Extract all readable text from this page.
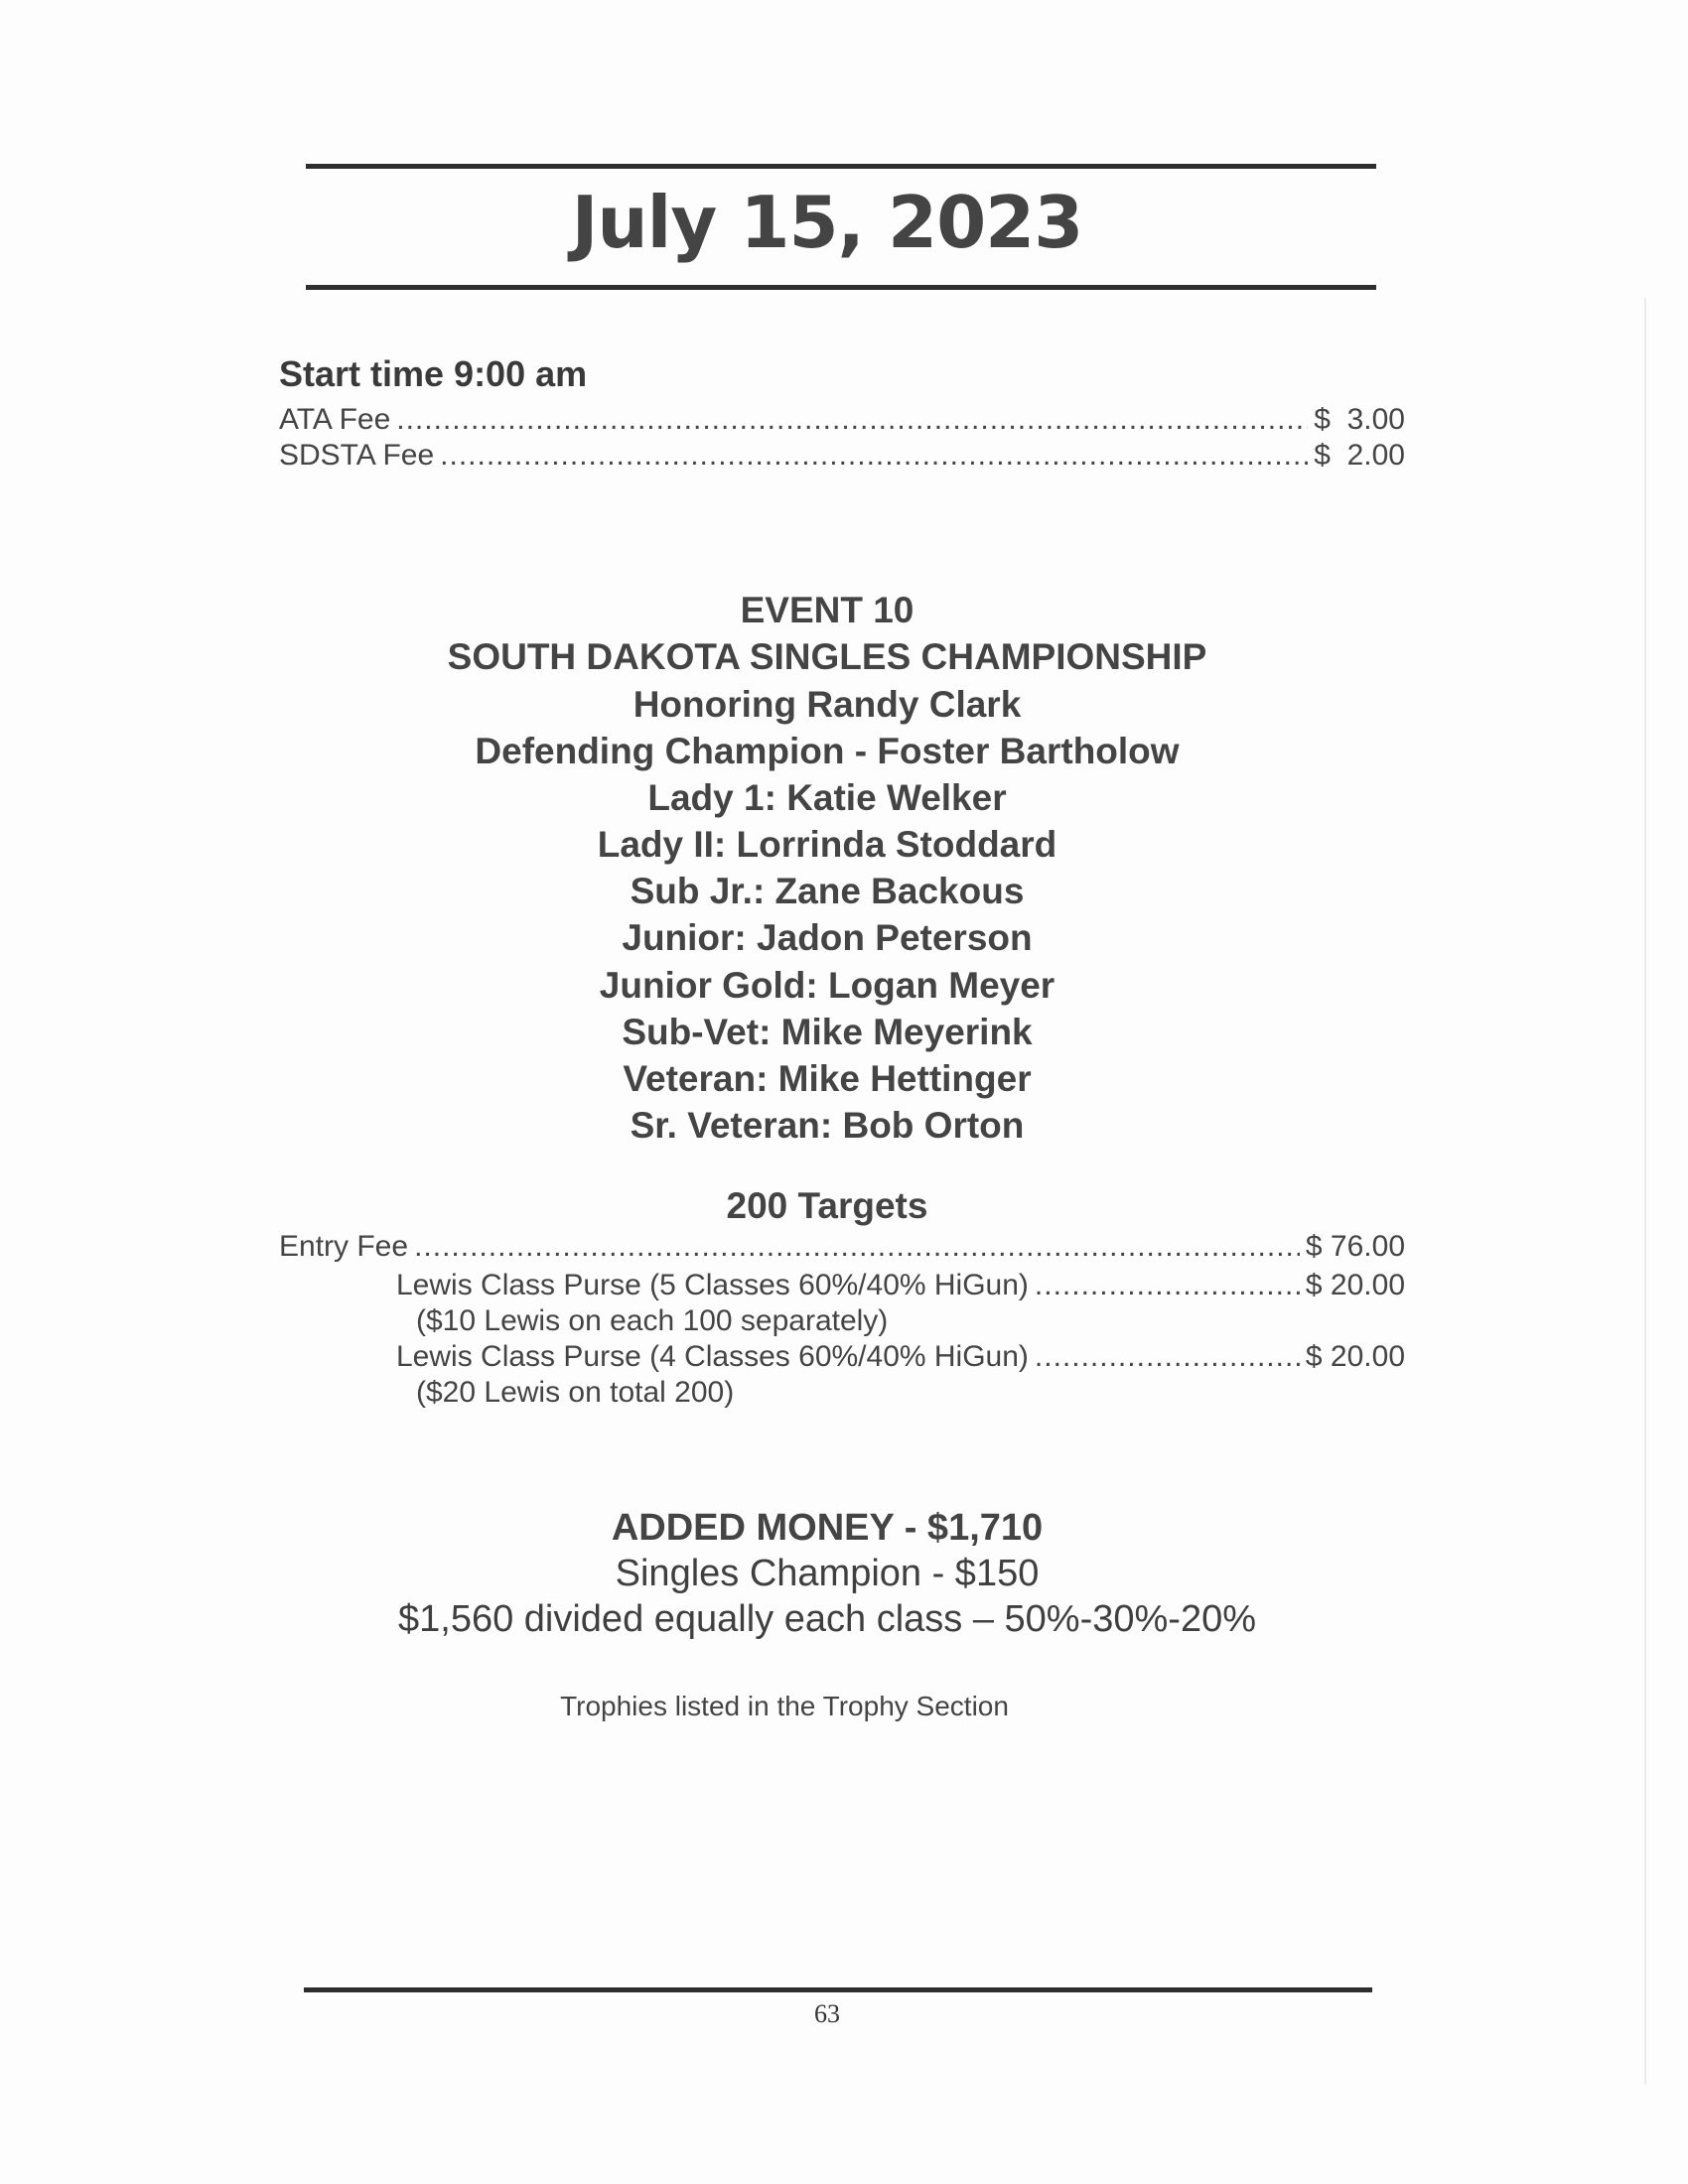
July 15, 2023
Start time 9:00 am
ATA Fee .....	$  3.00
SDSTA Fee .....	$  2.00
EVENT 10
SOUTH DAKOTA SINGLES CHAMPIONSHIP
Honoring Randy Clark
Defending Champion - Foster Bartholow
Lady 1: Katie Welker
Lady II: Lorrinda Stoddard
Sub Jr.: Zane Backous
Junior: Jadon Peterson
Junior Gold: Logan Meyer
Sub-Vet: Mike Meyerink
Veteran: Mike Hettinger
Sr. Veteran: Bob Orton
200 Targets
Entry Fee .....	$ 76.00
Lewis Class Purse (5 Classes 60%/40% HiGun) .....	$ 20.00
($10 Lewis on each 100 separately)
Lewis Class Purse (4 Classes 60%/40% HiGun) .....	$ 20.00
($20 Lewis on total 200)
ADDED MONEY - $1,710
Singles Champion - $150
$1,560 divided equally each class – 50%-30%-20%
Trophies listed in the Trophy Section
63
